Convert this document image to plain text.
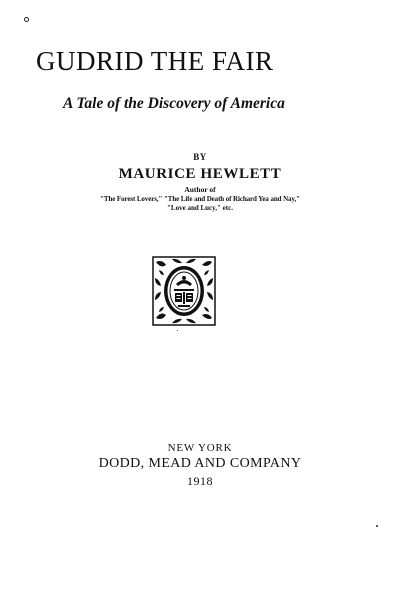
GUDRID THE FAIR
A Tale of the Discovery of America
BY
MAURICE HEWLETT
Author of
"The Forest Lovers," "The Life and Death of Richard Yea and Nay,"
"Love and Lucy," etc.
NEW YORK
DODD, MEAD AND COMPANY
1918
